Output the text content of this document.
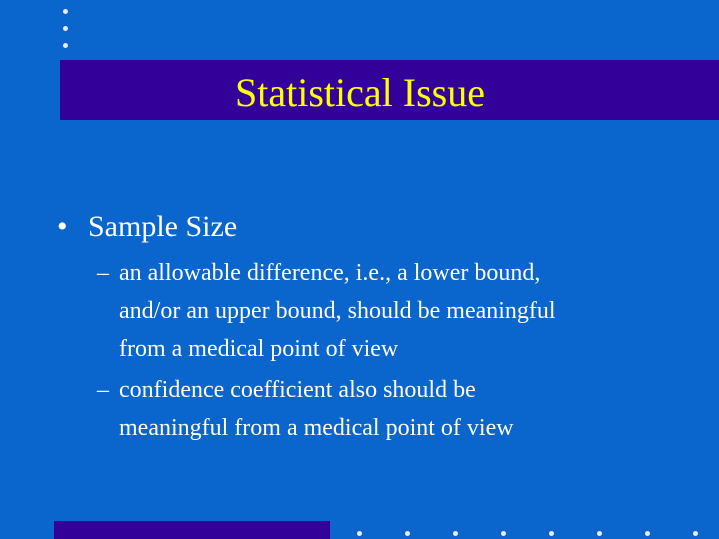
Statistical Issue
• Sample Size
– an allowable difference, i.e., a lower bound,
and/or an upper bound, should be meaningful
from a medical point of view
– confidence coefficient also should be
meaningful from a medical point of view
